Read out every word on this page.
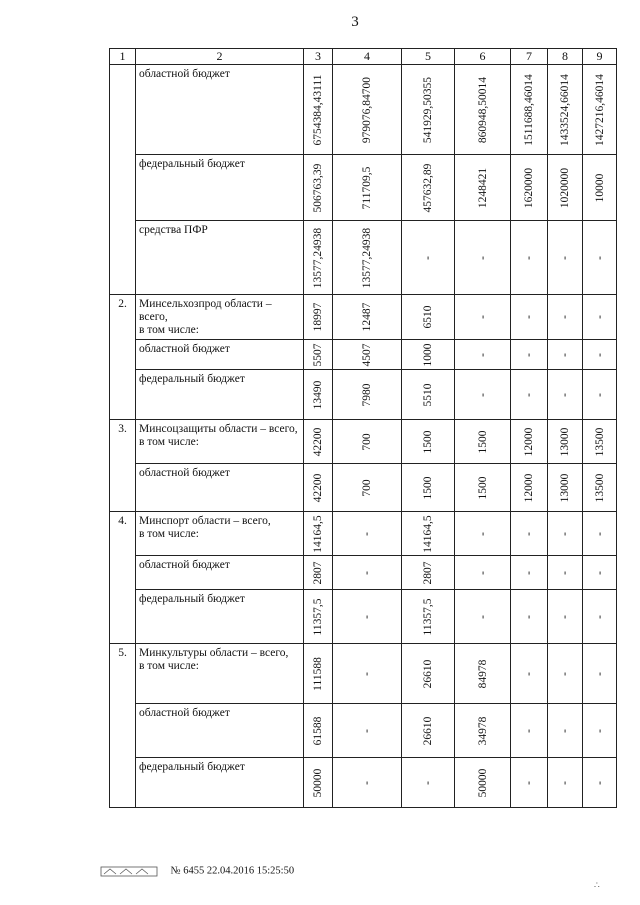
3
1	2	3	4	5	6	7	8	9
	областной бюджет	6754384,43111	979076,84700	541929,50355	860948,50014	1511688,46014	1433524,66014	1427216,46014

	федеральный бюджет	506763,39	711709,5	457632,89	1248421	1620000	1020000	10000

	средства ПФР	13577,24938	13577,24938	-	-	-	-	-

2.	Минсельхозпрод области – всего,
в том числе:	18997	12487	6510	-	-	-	-

	областной бюджет	5507	4507	1000	-	-	-	-

	федеральный бюджет	13490	7980	5510	-	-	-	-

3.	Минсоцзащиты области – всего,
в том числе:	42200	700	1500	1500	12000	13000	13500

	областной бюджет	42200	700	1500	1500	12000	13000	13500

4.	Минспорт области – всего,
в том числе:	14164,5	-	14164,5	-	-	-	-

	областной бюджет	2807	-	2807	-	-	-	-

	федеральный бюджет	11357,5	-	11357,5	-	-	-	-

5.	Минкультуры области – всего,
в том числе:	111588	-	26610	84978	-	-	-

	областной бюджет	61588	-	26610	34978	-	-	-

	федеральный бюджет	50000	-	-	50000	-	-	-
№ 6455 22.04.2016 15:25:50
∴
